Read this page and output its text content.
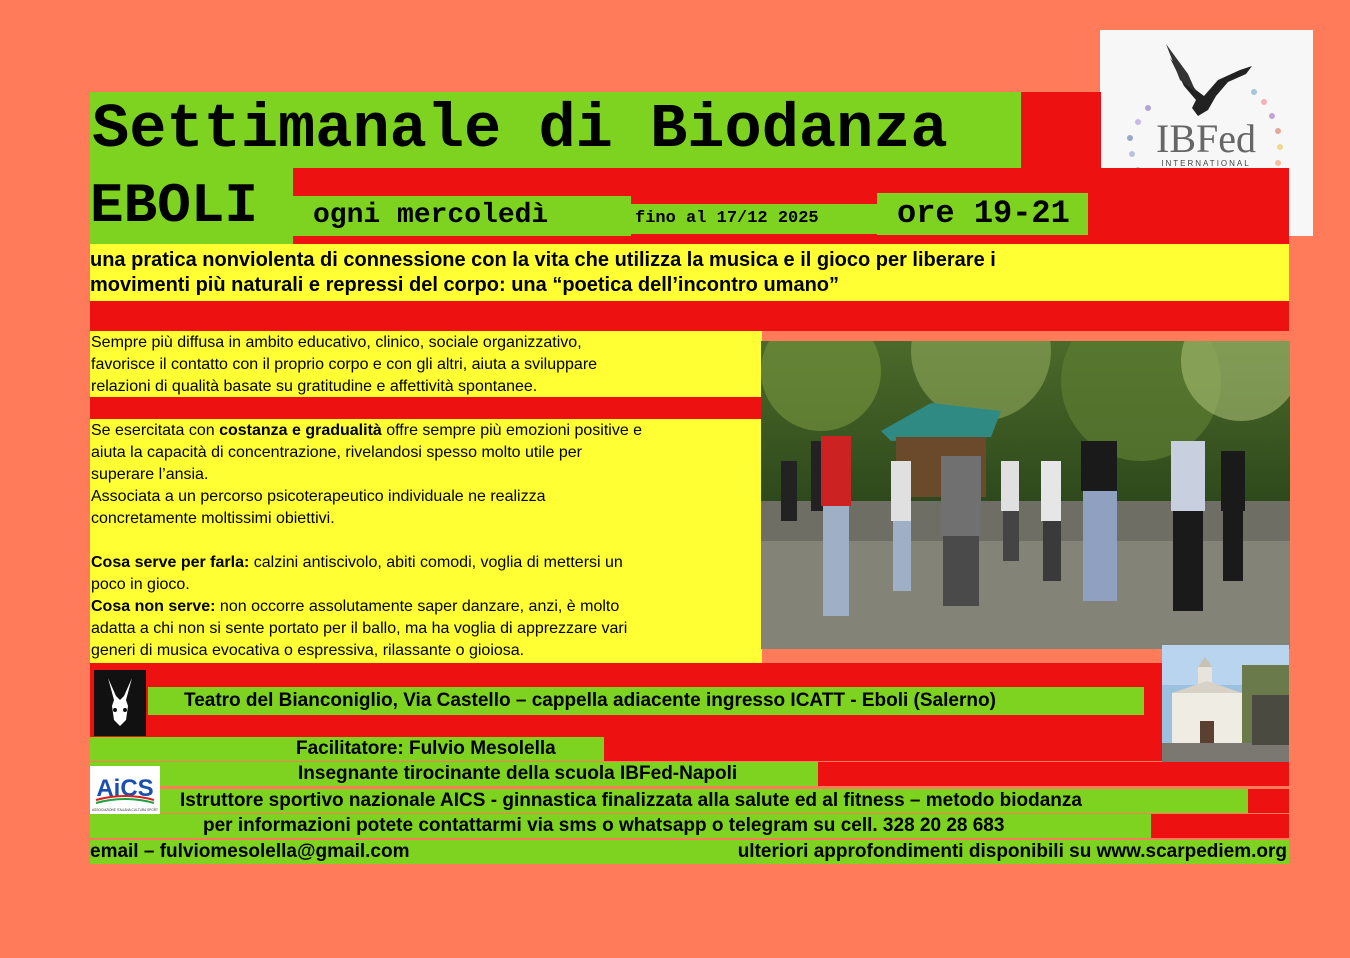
IBFed
INTERNATIONAL
Settimanale di Biodanza
EBOLI	ogni mercoledì	fino al 17/12 2025	ore 19-21
una pratica nonviolenta di connessione con la vita che utilizza la musica e il gioco per liberare i
movimenti più naturali e repressi del corpo: una “poetica dell’incontro umano”
Sempre più diffusa in ambito educativo, clinico, sociale organizzativo,
favorisce il contatto con il proprio corpo e con gli altri, aiuta a sviluppare
relazioni di qualità basate su gratitudine e affettività spontanee.
Se esercitata con costanza e gradualità offre sempre più emozioni positive e
aiuta la capacità di concentrazione, rivelandosi spesso molto utile per
superare l’ansia.
Associata a un percorso psicoterapeutico individuale ne realizza
concretamente moltissimi obiettivi.
Cosa serve per farla: calzini antiscivolo, abiti comodi, voglia di mettersi un
poco in gioco.
Cosa non serve: non occorre assolutamente saper danzare, anzi, è molto
adatta a chi non si sente portato per il ballo, ma ha voglia di apprezzare vari
generi di musica evocativa o espressiva, rilassante o gioiosa.
Teatro del Bianconiglio, Via Castello – cappella adiacente ingresso ICATT - Eboli (Salerno)
Facilitatore: Fulvio Mesolella
Insegnante tirocinante della scuola IBFed-Napoli
Istruttore sportivo nazionale AICS - ginnastica finalizzata alla salute ed al fitness – metodo biodanza
per informazioni potete contattarmi via sms o whatsapp o telegram su cell. 328 20 28 683
email – fulviomesolella@gmail.com	ulteriori approfondimenti disponibili su www.scarpediem.org
AiCS
ASSOCIAZIONE ITALIANA CULTURA SPORT
